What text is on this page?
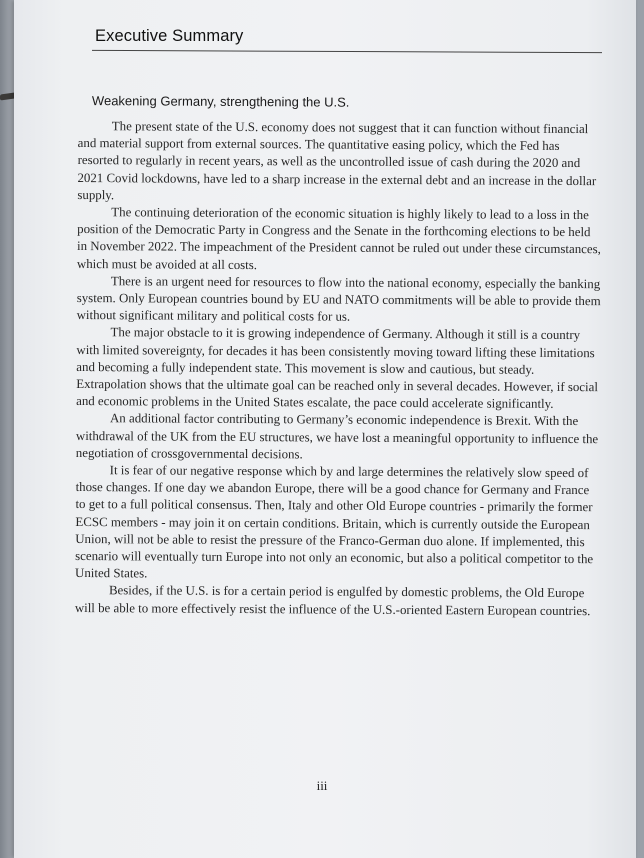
Executive Summary
Weakening Germany, strengthening the U.S.

The present state of the U.S. economy does not suggest that it can function without financial and material support from external sources. The quantitative easing policy, which the Fed has resorted to regularly in recent years, as well as the uncontrolled issue of cash during the 2020 and 2021 Covid lockdowns, have led to a sharp increase in the external debt and an increase in the dollar supply.

The continuing deterioration of the economic situation is highly likely to lead to a loss in the position of the Democratic Party in Congress and the Senate in the forthcoming elections to be held in November 2022. The impeachment of the President cannot be ruled out under these circumstances, which must be avoided at all costs.

There is an urgent need for resources to flow into the national economy, especially the banking system. Only European countries bound by EU and NATO commitments will be able to provide them without significant military and political costs for us.

The major obstacle to it is growing independence of Germany. Although it still is a country with limited sovereignty, for decades it has been consistently moving toward lifting these limitations and becoming a fully independent state. This movement is slow and cautious, but steady. Extrapolation shows that the ultimate goal can be reached only in several decades. However, if social and economic problems in the United States escalate, the pace could accelerate significantly.

An additional factor contributing to Germany’s economic independence is Brexit. With the withdrawal of the UK from the EU structures, we have lost a meaningful opportunity to influence the negotiation of crossgovernmental decisions.

It is fear of our negative response which by and large determines the relatively slow speed of those changes. If one day we abandon Europe, there will be a good chance for Germany and France to get to a full political consensus. Then, Italy and other Old Europe countries - primarily the former ECSC members - may join it on certain conditions. Britain, which is currently outside the European Union, will not be able to resist the pressure of the Franco-German duo alone. If implemented, this scenario will eventually turn Europe into not only an economic, but also a political competitor to the United States.

Besides, if the U.S. is for a certain period is engulfed by domestic problems, the Old Europe will be able to more effectively resist the influence of the U.S.-oriented Eastern European countries.

iii
